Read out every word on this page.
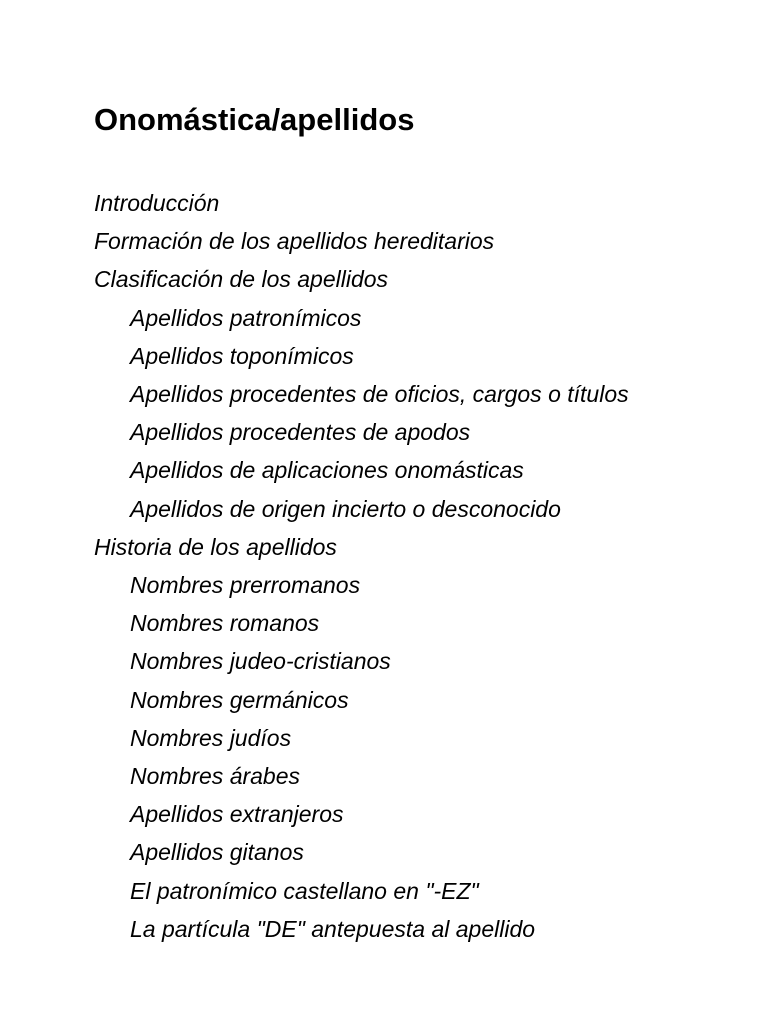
Onomástica/apellidos
Introducción
Formación de los apellidos hereditarios
Clasificación de los apellidos
Apellidos patronímicos
Apellidos toponímicos
Apellidos procedentes de oficios, cargos o títulos
Apellidos procedentes de apodos
Apellidos de aplicaciones onomásticas
Apellidos de origen incierto o desconocido
Historia de los apellidos
Nombres prerromanos
Nombres romanos
Nombres judeo-cristianos
Nombres germánicos
Nombres judíos
Nombres árabes
Apellidos extranjeros
Apellidos gitanos
El patronímico castellano en "-EZ"
La partícula "DE" antepuesta al apellido
